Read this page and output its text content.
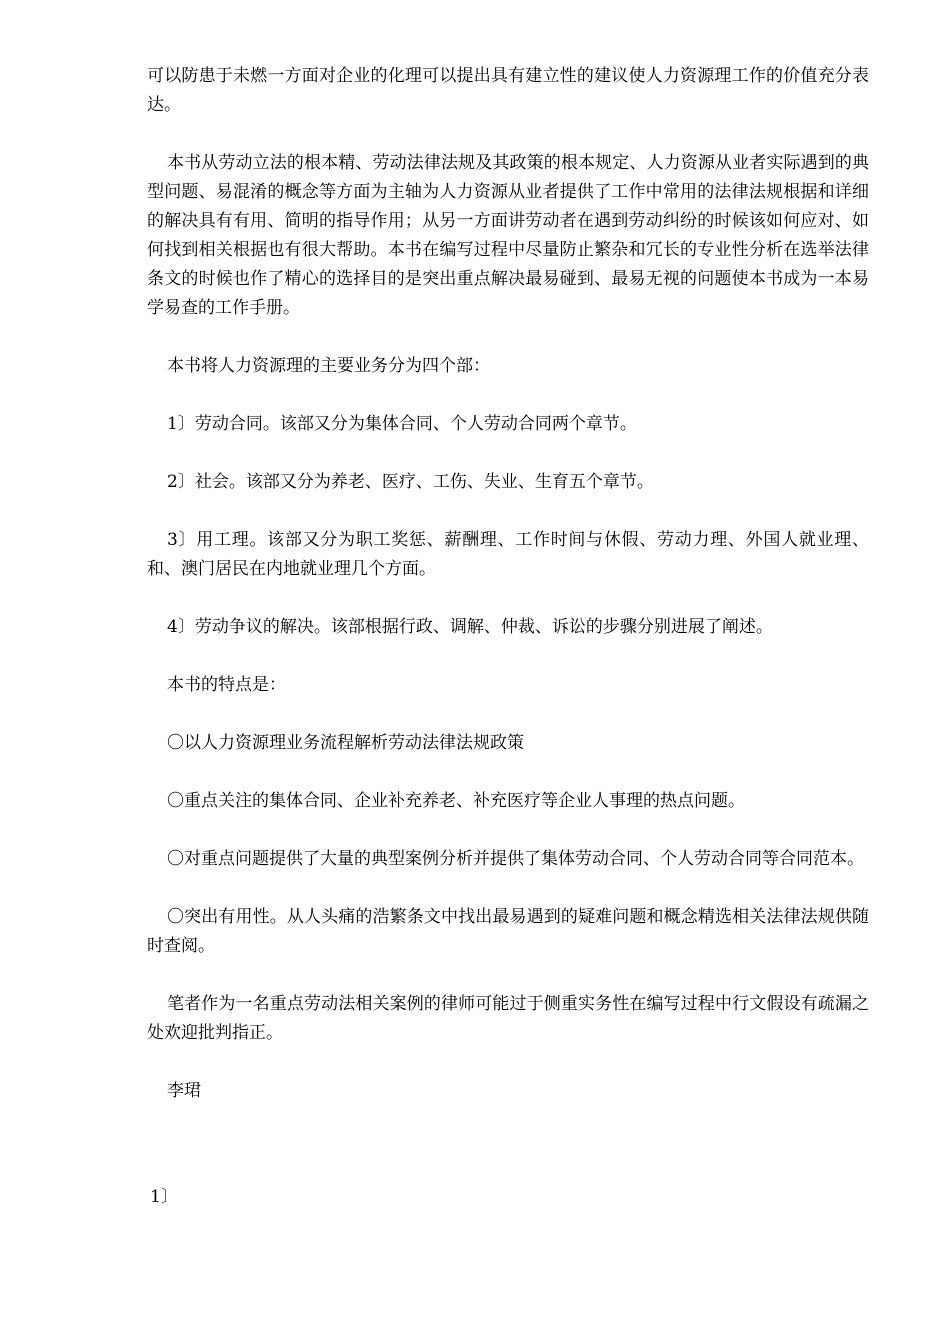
可以防患于未燃一方面对企业的化理可以提出具有建立性的建议使人力资源理工作的价值充分表达。

本书从劳动立法的根本精、劳动法律法规及其政策的根本规定、人力资源从业者实际遇到的典型问题、易混淆的概念等方面为主轴为人力资源从业者提供了工作中常用的法律法规根据和详细的解决具有有用、简明的指导作用；从另一方面讲劳动者在遇到劳动纠纷的时候该如何应对、如何找到相关根据也有很大帮助。本书在编写过程中尽量防止繁杂和冗长的专业性分析在选举法律条文的时候也作了精心的选择目的是突出重点解决最易碰到、最易无视的问题使本书成为一本易学易查的工作手册。

本书将人力资源理的主要业务分为四个部：

1〕劳动合同。该部又分为集体合同、个人劳动合同两个章节。

2〕社会。该部又分为养老、医疗、工伤、失业、生育五个章节。

3〕用工理。该部又分为职工奖惩、薪酬理、工作时间与休假、劳动力理、外国人就业理、和、澳门居民在内地就业理几个方面。

4〕劳动争议的解决。该部根据行政、调解、仲裁、诉讼的步骤分别进展了阐述。

本书的特点是：

〇以人力资源理业务流程解析劳动法律法规政策

〇重点关注的集体合同、企业补充养老、补充医疗等企业人事理的热点问题。

〇对重点问题提供了大量的典型案例分析并提供了集体劳动合同、个人劳动合同等合同范本。

〇突出有用性。从人头痛的浩繁条文中找出最易遇到的疑难问题和概念精选相关法律法规供随时查阅。

笔者作为一名重点劳动法相关案例的律师可能过于侧重实务性在编写过程中行文假设有疏漏之处欢迎批判指正。

李珺

1〕
